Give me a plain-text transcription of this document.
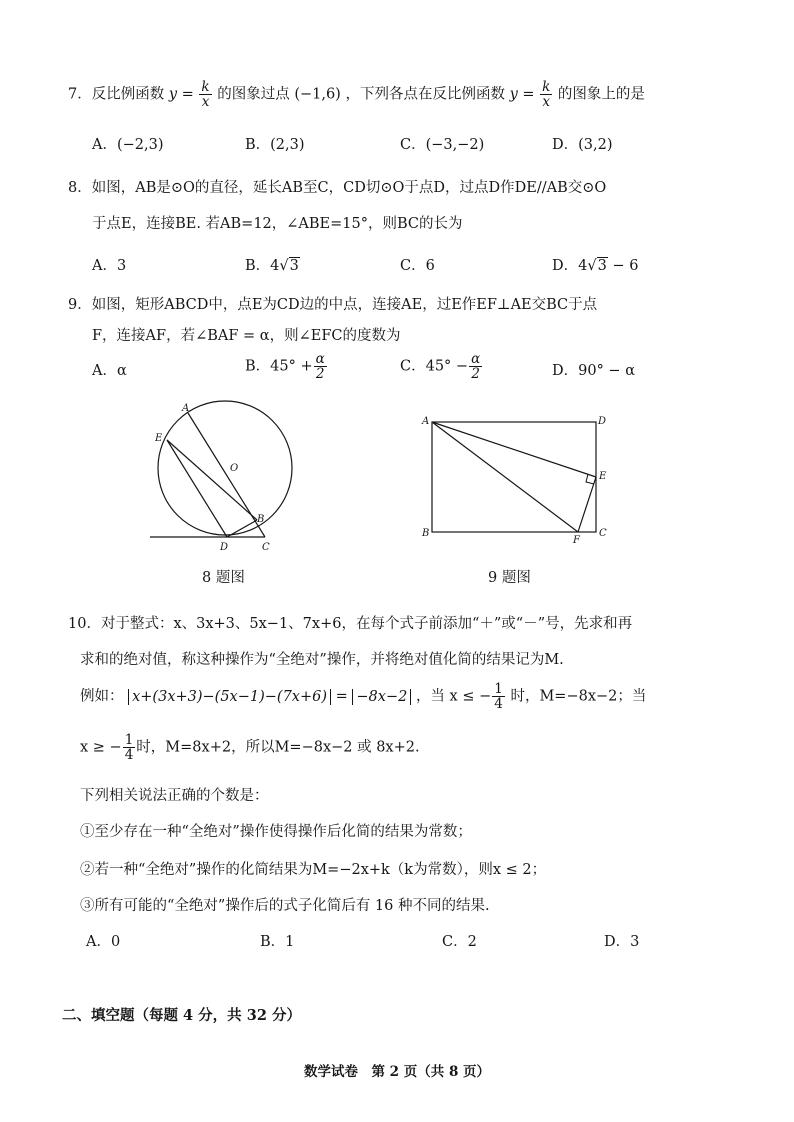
7．反比例函数 $y = \frac{k}{x}$ 的图象过点 (−1,6) ，下列各点在反比例函数 $y = \frac{k}{x}$ 的图象上的是
A．(−2,3)	B．(2,3)	C．(−3,−2)	D．(3,2)
8．如图，AB是⊙O的直径，延长AB至C，CD切⊙O于点D，过点D作DE//AB交⊙O
于点E，连接BE. 若AB=12，∠ABE=15°，则BC的长为
A．3	B．4√3	C．6	D．4√3 − 6
9．如图，矩形ABCD中，点E为CD边的中点，连接AE，过E作EF⊥AE交BC于点
F，连接AF，若∠BAF = α，则∠EFC的度数为
A．α	B．$45^\circ + \frac{\alpha}{2}$	C．$45^\circ - \frac{\alpha}{2}$	D．90° − α
A
E
O
B
D	C
8 题图
A	D
E
B
F
C
9 题图
10．对于整式：x、3x+3、5x−1、7x+6，在每个式子前添加“＋”或“－”号，先求和再
求和的绝对值，称这种操作为“全绝对”操作，并将绝对值化简的结果记为M.
例如： x+(3x+3)−(5x−1)−(7x+6) = −8x−2 ，当 x ≤ − $\frac{1}{4}$ 时，M=−8x−2；当
x ≥ − $\frac{1}{4}$ 时，M=8x+2，所以M=−8x−2 或 8x+2.
下列相关说法正确的个数是：
①至少存在一种“全绝对”操作使得操作后化简的结果为常数；
②若一种“全绝对”操作的化简结果为M=−2x+k（k为常数），则x ≤ 2；
③所有可能的“全绝对”操作后的式子化简后有 16 种不同的结果.
A．0	B．1	C．2	D．3
二、填空题（每题 4 分，共 32 分）
数学试卷　第 2 页（共 8 页）
